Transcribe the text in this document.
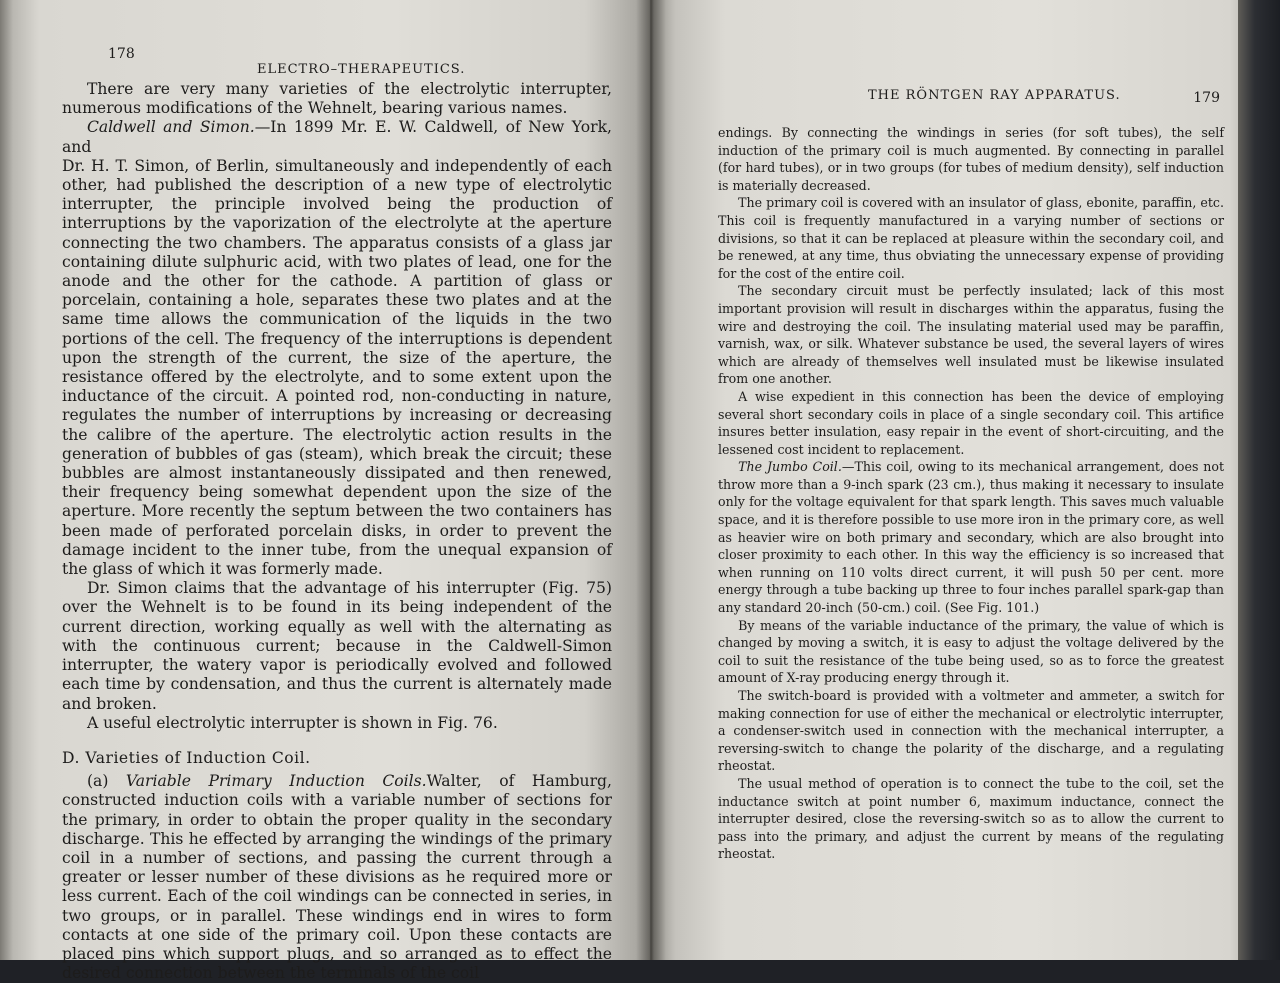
178
ELECTRO–THERAPEUTICS.

There are very many varieties of the electrolytic interrupter, numerous modifications of the Wehnelt, bearing various names.

Caldwell and Simon.—In 1899 Mr. E. W. Caldwell, of New York, and

Dr. H. T. Simon, of Berlin, simultaneously and independently of each other, had published the description of a new type of electrolytic interrupter, the principle involved being the production of interruptions by the vaporization of the electrolyte at the aperture connecting the two chambers. The apparatus consists of a glass jar containing dilute sulphuric acid, with two plates of lead, one for the anode and the other for the cathode. A partition of glass or porcelain, containing a hole, separates these two plates and at the same time allows the communication of the liquids in the two portions of the cell. The frequency of the interruptions is dependent upon the strength of the current, the size of the aperture, the resistance offered by the electrolyte, and to some extent upon the inductance of the circuit. A pointed rod, non-conducting in nature, regulates the number of interruptions by increasing or decreasing the calibre of the aperture. The electrolytic action results in the generation of bubbles of gas (steam), which break the circuit; these bubbles are almost instantaneously dissipated and then renewed, their frequency being somewhat dependent upon the size of the aperture. More recently the septum between the two containers has been made of perforated porcelain disks, in order to prevent the damage incident to the inner tube, from the unequal expansion of the glass of which it was formerly made.

Dr. Simon claims that the advantage of his interrupter (Fig. 75) over the Wehnelt is to be found in its being independent of the current direction, working equally as well with the alternating as with the continuous current; because in the Caldwell-Simon interrupter, the watery vapor is periodically evolved and followed each time by condensation, and thus the current is alternately made and broken.

A useful electrolytic interrupter is shown in Fig. 76.

D. Varieties of Induction Coil.

(a) Variable Primary Induction Coils.Walter, of Hamburg, constructed induction coils with a variable number of sections for the primary, in order to obtain the proper quality in the secondary discharge. This he effected by arranging the windings of the primary coil in a number of sections, and passing the current through a greater or lesser number of these divisions as he required more or less current. Each of the coil windings can be connected in series, in two groups, or in parallel. These windings end in wires to form contacts at one side of the primary coil. Upon these contacts are placed pins which support plugs, and so arranged as to effect the desired connection between the terminals of the coil

THE RÖNTGEN RAY APPARATUS.	179

endings. By connecting the windings in series (for soft tubes), the self induction of the primary coil is much augmented. By connecting in parallel (for hard tubes), or in two groups (for tubes of medium density), self induction is materially decreased.

The primary coil is covered with an insulator of glass, ebonite, paraffin, etc. This coil is frequently manufactured in a varying number of sections or divisions, so that it can be replaced at pleasure within the secondary coil, and be renewed, at any time, thus obviating the unnecessary expense of providing for the cost of the entire coil.

The secondary circuit must be perfectly insulated; lack of this most important provision will result in discharges within the apparatus, fusing the wire and destroying the coil. The insulating material used may be paraffin, varnish, wax, or silk. Whatever substance be used, the several layers of wires which are already of themselves well insulated must be likewise insulated from one another.

A wise expedient in this connection has been the device of employing several short secondary coils in place of a single secondary coil. This artifice insures better insulation, easy repair in the event of short-circuiting, and the lessened cost incident to replacement.

The Jumbo Coil.—This coil, owing to its mechanical arrangement, does not throw more than a 9-inch spark (23 cm.), thus making it necessary to insulate only for the voltage equivalent for that spark length. This saves much valuable space, and it is therefore possible to use more iron in the primary core, as well as heavier wire on both primary and secondary, which are also brought into closer proximity to each other. In this way the efficiency is so increased that when running on 110 volts direct current, it will push 50 per cent. more energy through a tube backing up three to four inches parallel spark-gap than any standard 20-inch (50-cm.) coil. (See Fig. 101.)

By means of the variable inductance of the primary, the value of which is changed by moving a switch, it is easy to adjust the voltage delivered by the coil to suit the resistance of the tube being used, so as to force the greatest amount of X-ray producing energy through it.

The switch-board is provided with a voltmeter and ammeter, a switch for making connection for use of either the mechanical or electrolytic interrupter, a condenser-switch used in connection with the mechanical interrupter, a reversing-switch to change the polarity of the discharge, and a regulating rheostat.

The usual method of operation is to connect the tube to the coil, set the inductance switch at point number 6, maximum inductance, connect the interrupter desired, close the reversing-switch so as to allow the current to pass into the primary, and adjust the current by means of the regulating rheostat.
